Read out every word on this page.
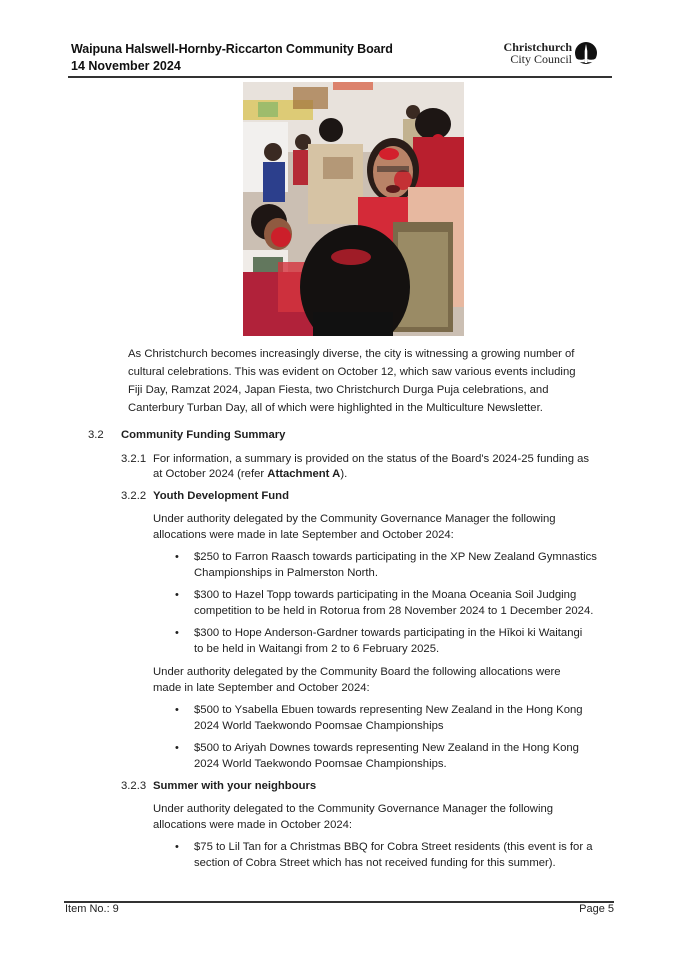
Waipuna Halswell-Hornby-Riccarton Community Board
14 November 2024
Christchurch
City Council
As Christchurch becomes increasingly diverse, the city is witnessing a growing number of
cultural celebrations. This was evident on October 12, which saw various events including
Fiji Day, Ramzat 2024, Japan Fiesta, two Christchurch Durga Puja celebrations, and
Canterbury Turban Day, all of which were highlighted in the Multiculture Newsletter.
3.2 Community Funding Summary
3.2.1 For information, a summary is provided on the status of the Board's 2024-25 funding as
at October 2024 (refer Attachment A).
3.2.2 Youth Development Fund
Under authority delegated by the Community Governance Manager the following
allocations were made in late September and October 2024:
• $250 to Farron Raasch towards participating in the XP New Zealand Gymnastics
Championships in Palmerston North.
• $300 to Hazel Topp towards participating in the Moana Oceania Soil Judging
competition to be held in Rotorua from 28 November 2024 to 1 December 2024.
• $300 to Hope Anderson-Gardner towards participating in the Hīkoi ki Waitangi
to be held in Waitangi from 2 to 6 February 2025.
Under authority delegated by the Community Board the following allocations were
made in late September and October 2024:
• $500 to Ysabella Ebuen towards representing New Zealand in the Hong Kong
2024 World Taekwondo Poomsae Championships
• $500 to Ariyah Downes towards representing New Zealand in the Hong Kong
2024 World Taekwondo Poomsae Championships.
3.2.3 Summer with your neighbours
Under authority delegated to the Community Governance Manager the following
allocations were made in October 2024:
• $75 to Lil Tan for a Christmas BBQ for Cobra Street residents (this event is for a
section of Cobra Street which has not received funding for this summer).
Item No.: 9	Page 5
